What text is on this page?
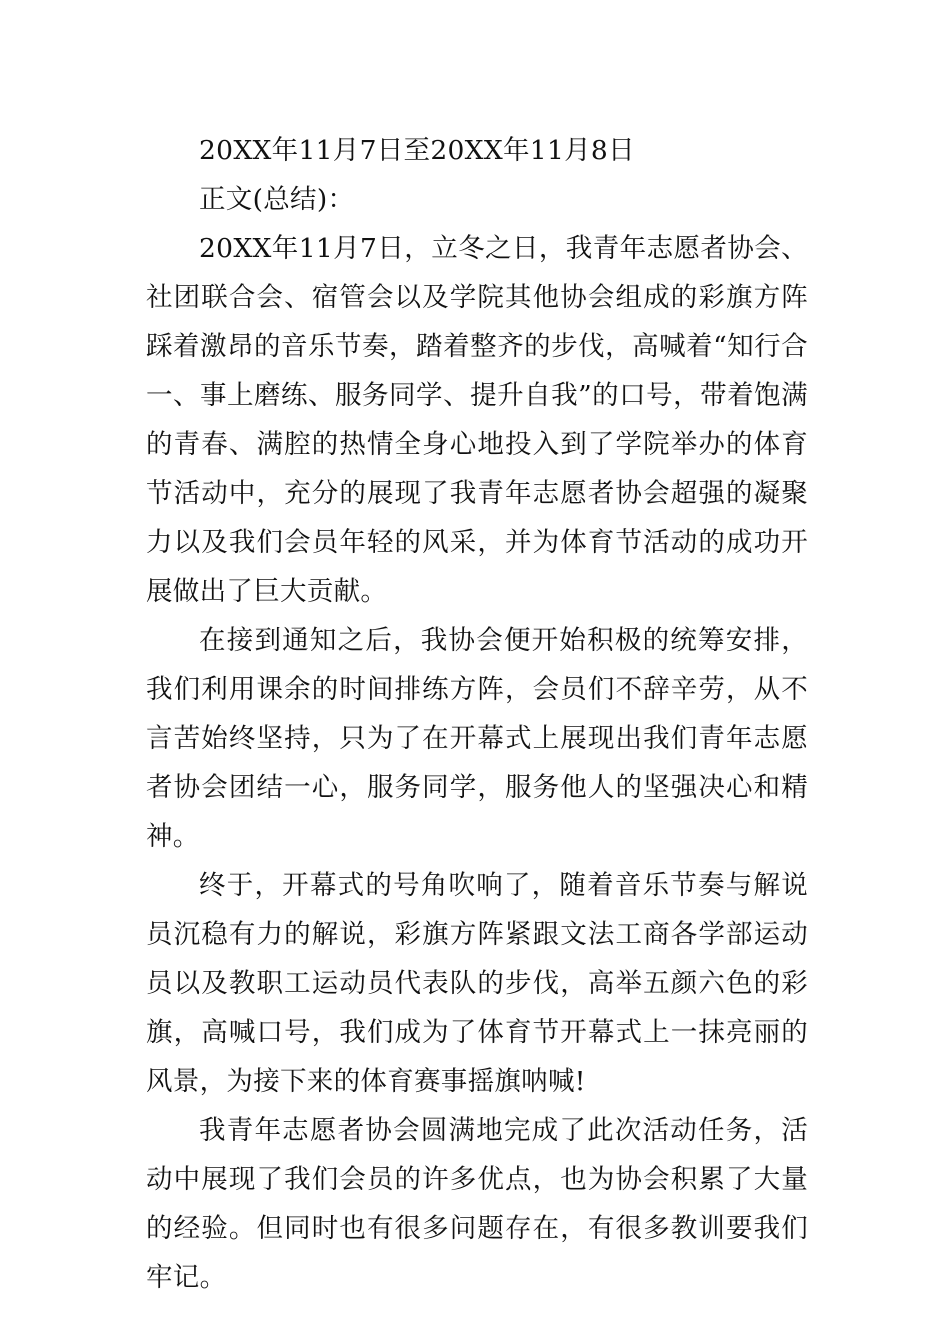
20XX年11月7日至20XX年11月8日

正文(总结)：

20XX年11月7日，立冬之日，我青年志愿者协会、社团联合会、宿管会以及学院其他协会组成的彩旗方阵踩着激昂的音乐节奏，踏着整齐的步伐，高喊着“知行合一、事上磨练、服务同学、提升自我”的口号，带着饱满的青春、满腔的热情全身心地投入到了学院举办的体育节活动中，充分的展现了我青年志愿者协会超强的凝聚力以及我们会员年轻的风采，并为体育节活动的成功开展做出了巨大贡献。

在接到通知之后，我协会便开始积极的统筹安排，我们利用课余的时间排练方阵，会员们不辞辛劳，从不言苦始终坚持，只为了在开幕式上展现出我们青年志愿者协会团结一心，服务同学，服务他人的坚强决心和精神。

终于，开幕式的号角吹响了，随着音乐节奏与解说员沉稳有力的解说，彩旗方阵紧跟文法工商各学部运动员以及教职工运动员代表队的步伐，高举五颜六色的彩旗，高喊口号，我们成为了体育节开幕式上一抹亮丽的风景，为接下来的体育赛事摇旗呐喊!

我青年志愿者协会圆满地完成了此次活动任务，活动中展现了我们会员的许多优点，也为协会积累了大量的经验。但同时也有很多问题存在，有很多教训要我们牢记。
